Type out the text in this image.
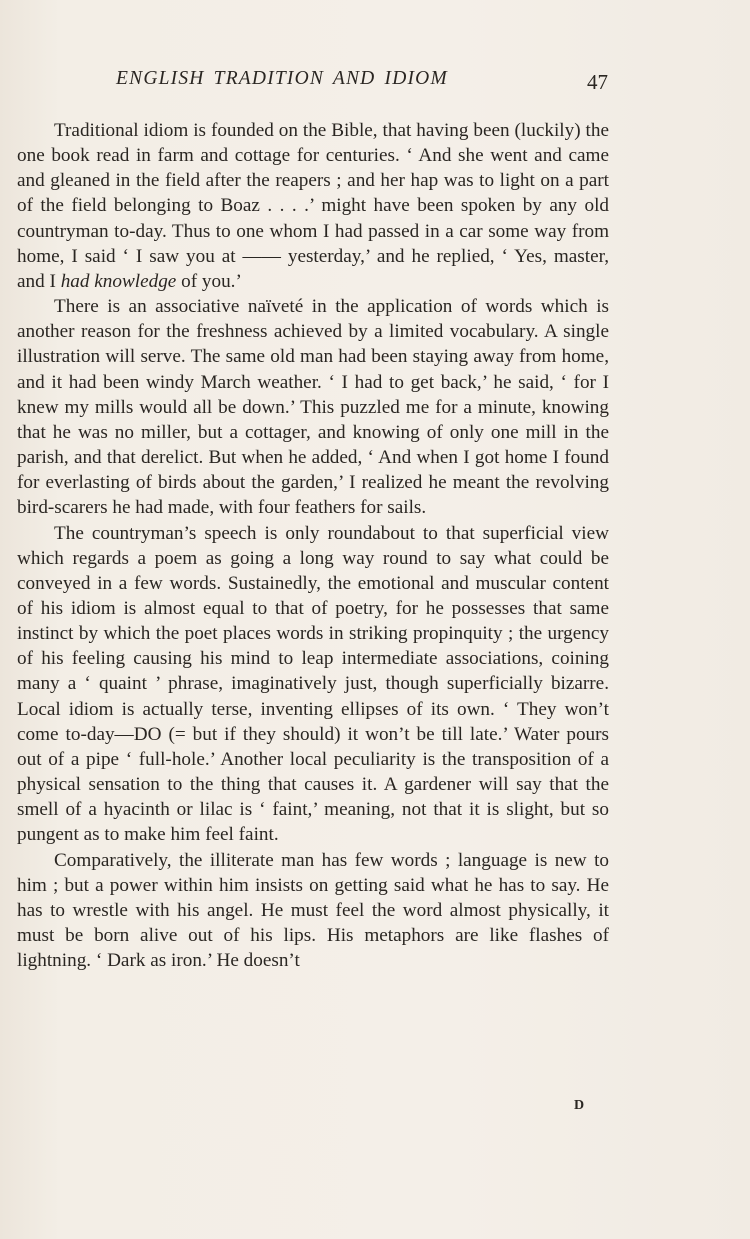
ENGLISH TRADITION AND IDIOM	47

Traditional idiom is founded on the Bible, that having been (luckily) the one book read in farm and cottage for centuries. ‘ And she went and came and gleaned in the field after the reapers ; and her hap was to light on a part of the field belonging to Boaz . . . .’ might have been spoken by any old countryman to-day. Thus to one whom I had passed in a car some way from home, I said ‘ I saw you at —— yesterday,’ and he replied, ‘ Yes, master, and I had knowledge of you.’

There is an associative naïveté in the application of words which is another reason for the freshness achieved by a limited vocabulary. A single illustration will serve. The same old man had been staying away from home, and it had been windy March weather. ‘ I had to get back,’ he said, ‘ for I knew my mills would all be down.’ This puzzled me for a minute, knowing that he was no miller, but a cottager, and knowing of only one mill in the parish, and that derelict. But when he added, ‘ And when I got home I found for everlasting of birds about the garden,’ I realized he meant the revolving bird-scarers he had made, with four feathers for sails.

The countryman’s speech is only roundabout to that superficial view which regards a poem as going a long way round to say what could be conveyed in a few words. Sustainedly, the emotional and muscular content of his idiom is almost equal to that of poetry, for he possesses that same instinct by which the poet places words in striking propinquity ; the urgency of his feeling causing his mind to leap intermediate associations, coining many a ‘ quaint ’ phrase, imaginatively just, though superficially bizarre. Local idiom is actually terse, inventing ellipses of its own. ‘ They won’t come to-day—DO (= but if they should) it won’t be till late.’ Water pours out of a pipe ‘ full-hole.’ Another local peculiarity is the transposition of a physical sensation to the thing that causes it. A gardener will say that the smell of a hyacinth or lilac is ‘ faint,’ meaning, not that it is slight, but so pungent as to make him feel faint.

Comparatively, the illiterate man has few words ; language is new to him ; but a power within him insists on getting said what he has to say. He has to wrestle with his angel. He must feel the word almost physically, it must be born alive out of his lips. His metaphors are like flashes of lightning. ‘ Dark as iron.’ He doesn’t

D
